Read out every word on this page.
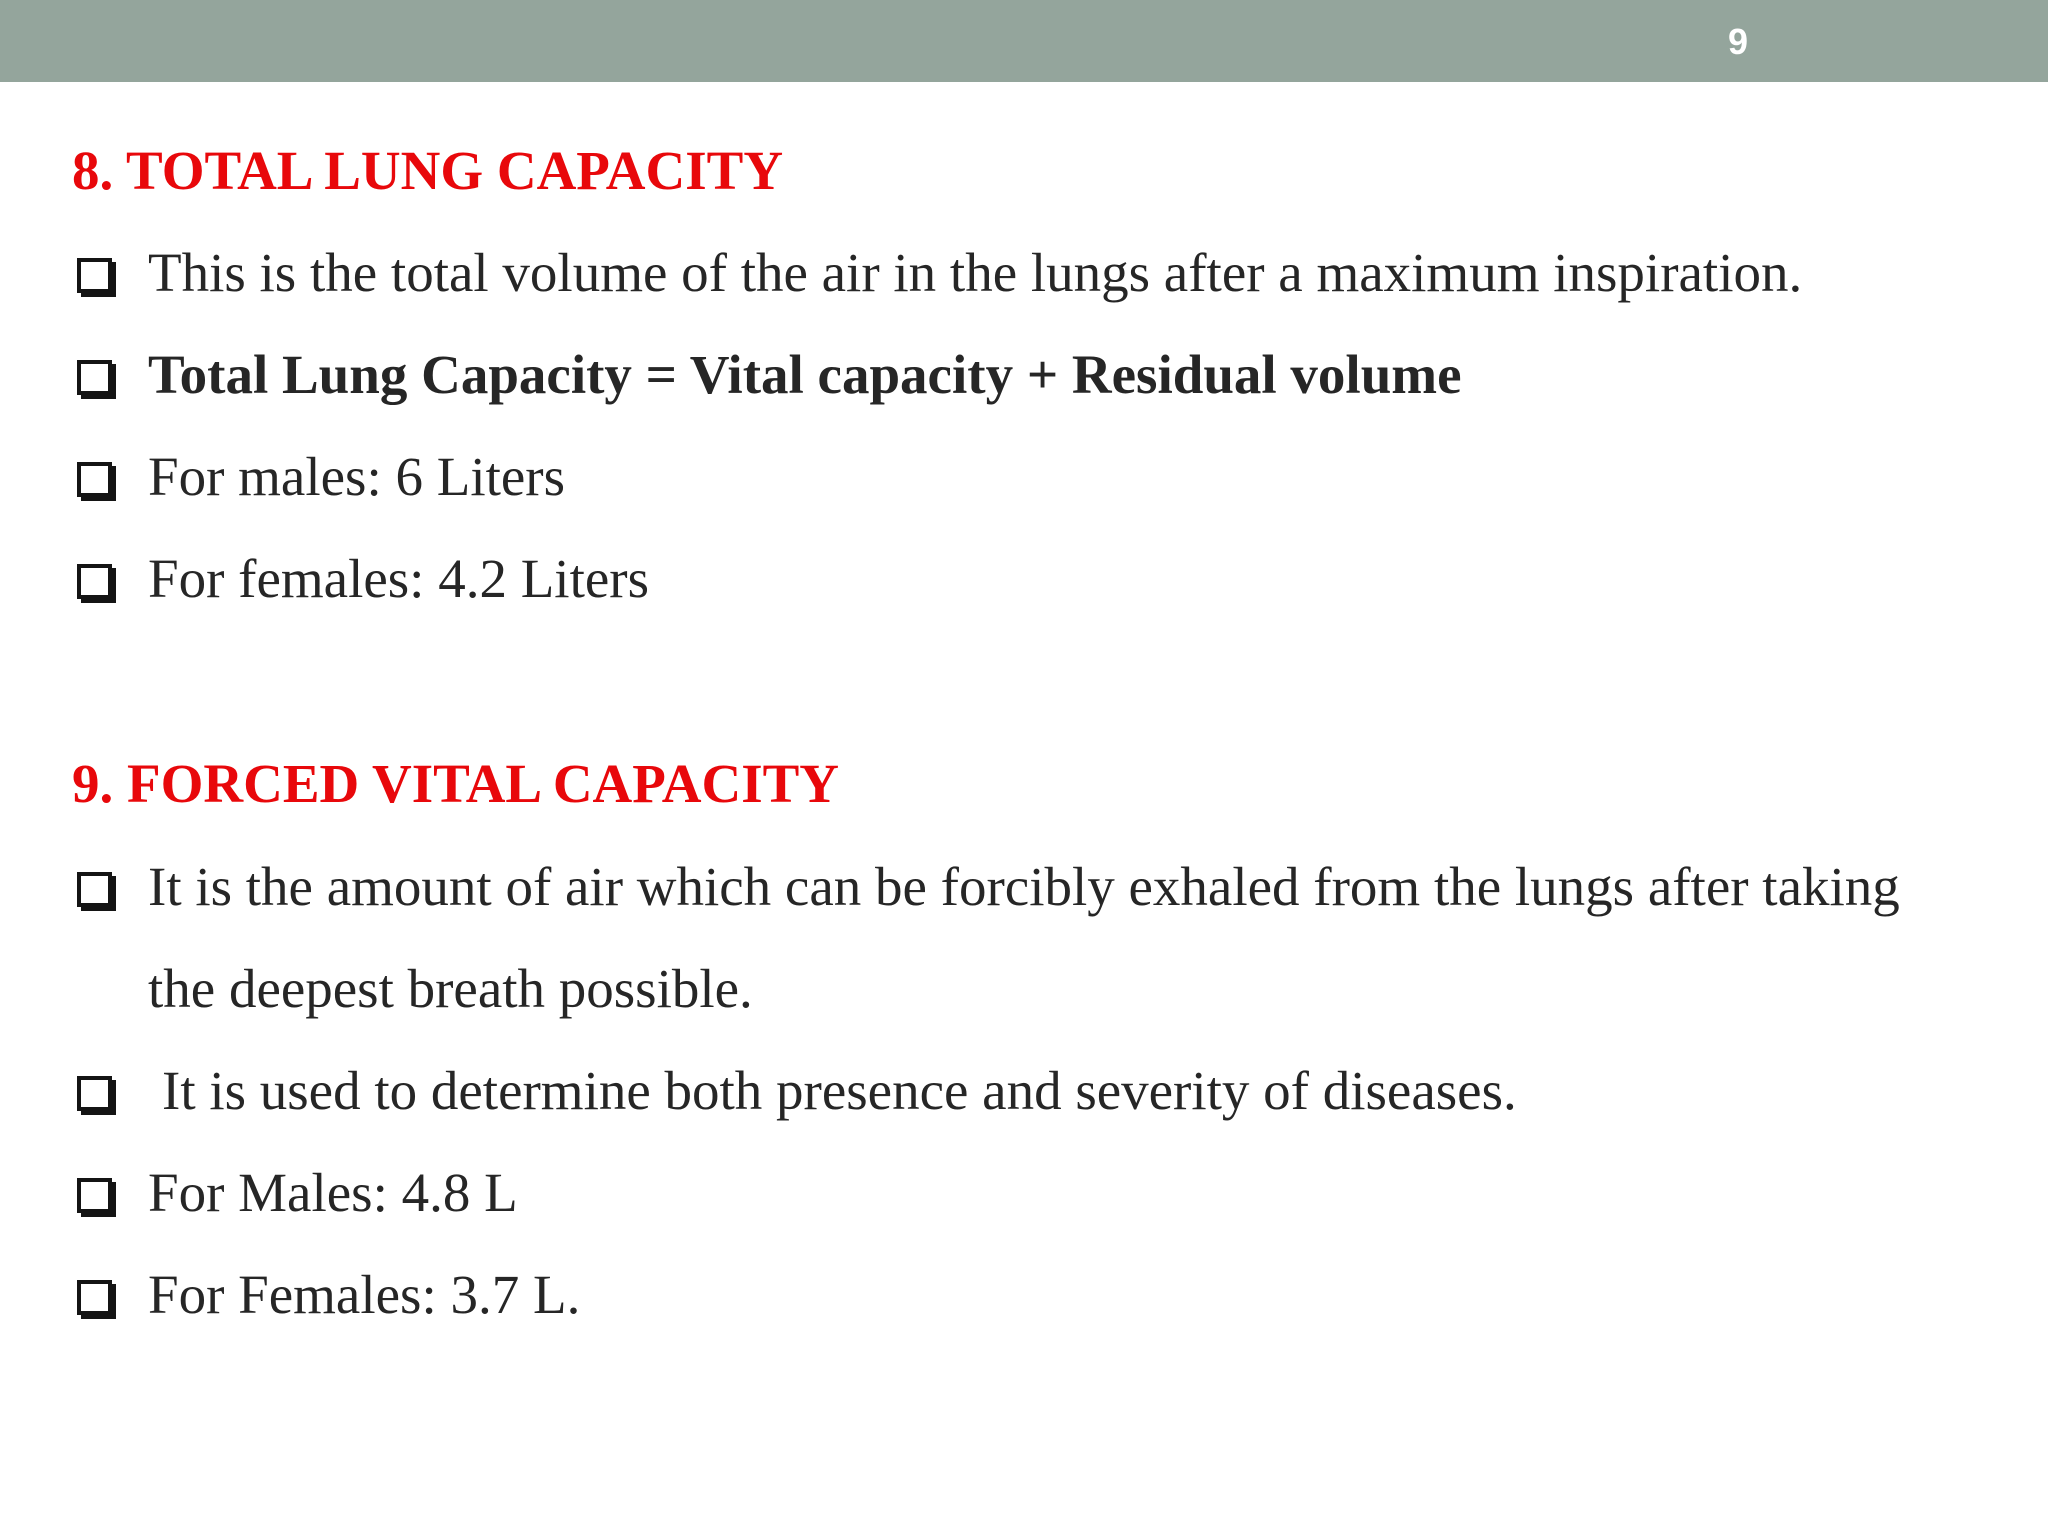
9
8. TOTAL LUNG CAPACITY
This is the total volume of the air in the lungs after a maximum inspiration.
Total Lung Capacity = Vital capacity + Residual volume
For males: 6 Liters
For females: 4.2 Liters
9. FORCED VITAL CAPACITY
It is the amount of air which can be forcibly exhaled from the lungs after taking
the deepest breath possible.
It is used to determine both presence and severity of diseases.
For Males: 4.8 L
For Females: 3.7 L.
